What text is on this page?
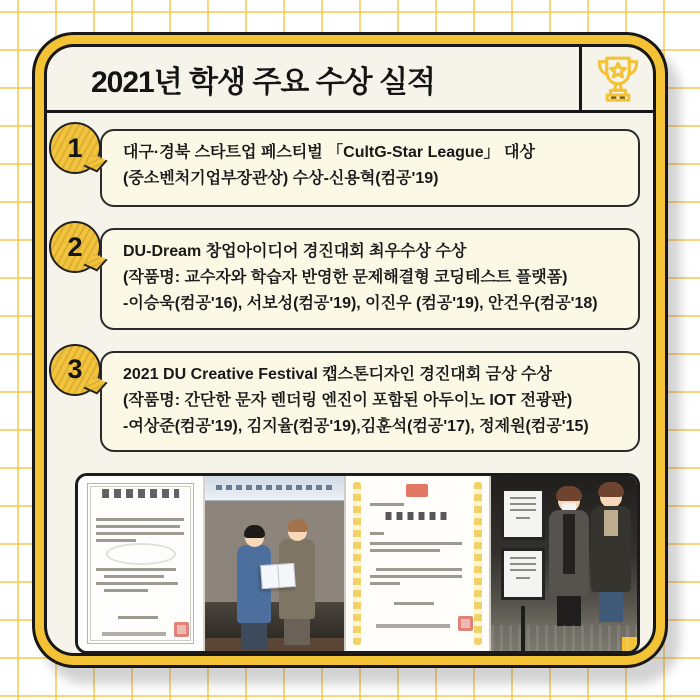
2021년 학생 주요 수상 실적
1	대구·경북 스타트업 페스티벌 「CultG-Star League」 대상
(중소벤처기업부장관상) 수상-신용혁(컴공'19)
2	DU-Dream 창업아이디어 경진대회 최우수상 수상
(작품명: 교수자와 학습자 반영한 문제해결형 코딩테스트 플랫폼)
-이승욱(컴공'16), 서보성(컴공'19), 이진우 (컴공'19), 안건우(컴공'18)
3	2021 DU Creative Festival 캡스톤디자인 경진대회 금상 수상
(작품명: 간단한 문자 렌더링 엔진이 포함된 아두이노 IOT 전광판)
-여상준(컴공'19), 김지율(컴공'19),김훈석(컴공'17), 정제원(컴공'15)
